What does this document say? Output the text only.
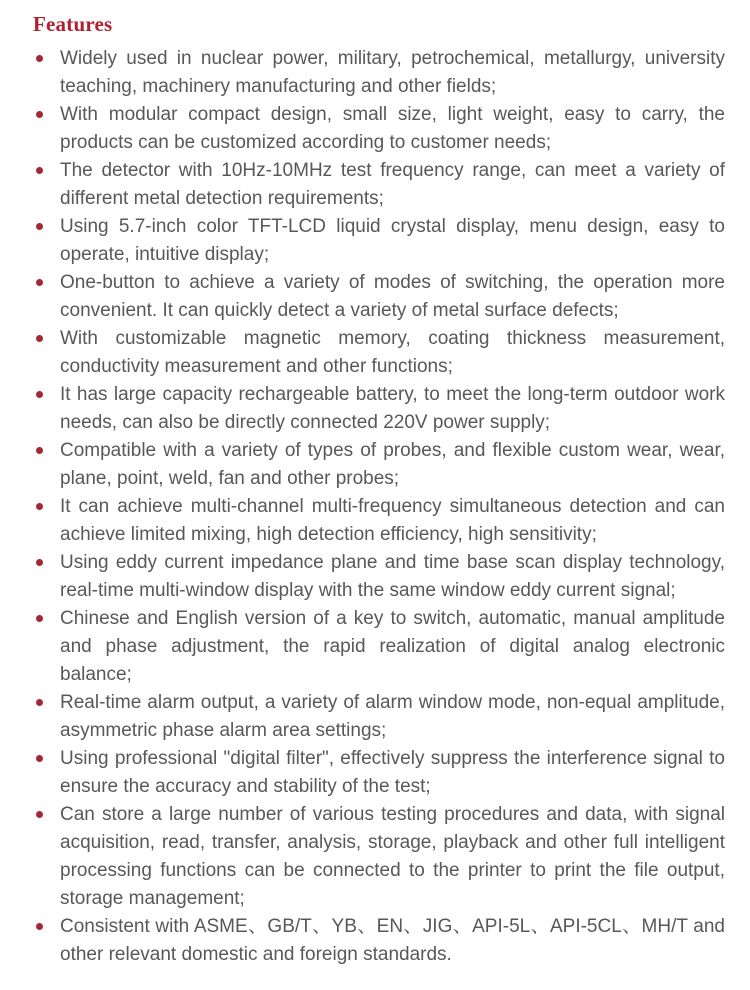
Features
Widely used in nuclear power, military, petrochemical, metallurgy, university teaching, machinery manufacturing and other fields;
With modular compact design, small size, light weight, easy to carry, the products can be customized according to customer needs;
The detector with 10Hz-10MHz test frequency range, can meet a variety of different metal detection requirements;
Using 5.7-inch color TFT-LCD liquid crystal display, menu design, easy to operate, intuitive display;
One-button to achieve a variety of modes of switching, the operation more convenient. It can quickly detect a variety of metal surface defects;
With customizable magnetic memory, coating thickness measurement, conductivity measurement and other functions;
It has large capacity rechargeable battery, to meet the long-term outdoor work needs, can also be directly connected 220V power supply;
Compatible with a variety of types of probes, and flexible custom wear, wear, plane, point, weld, fan and other probes;
It can achieve multi-channel multi-frequency simultaneous detection and can achieve limited mixing, high detection efficiency, high sensitivity;
Using eddy current impedance plane and time base scan display technology, real-time multi-window display with the same window eddy current signal;
Chinese and English version of a key to switch, automatic, manual amplitude and phase adjustment, the rapid realization of digital analog electronic balance;
Real-time alarm output, a variety of alarm window mode, non-equal amplitude, asymmetric phase alarm area settings;
Using professional "digital filter", effectively suppress the interference signal to ensure the accuracy and stability of the test;
Can store a large number of various testing procedures and data, with signal acquisition, read, transfer, analysis, storage, playback and other full intelligent processing functions can be connected to the printer to print the file output, storage management;
Consistent with ASME、GB/T、YB、EN、JIG、API-5L、API-5CL、MH/T and other relevant domestic and foreign standards.
